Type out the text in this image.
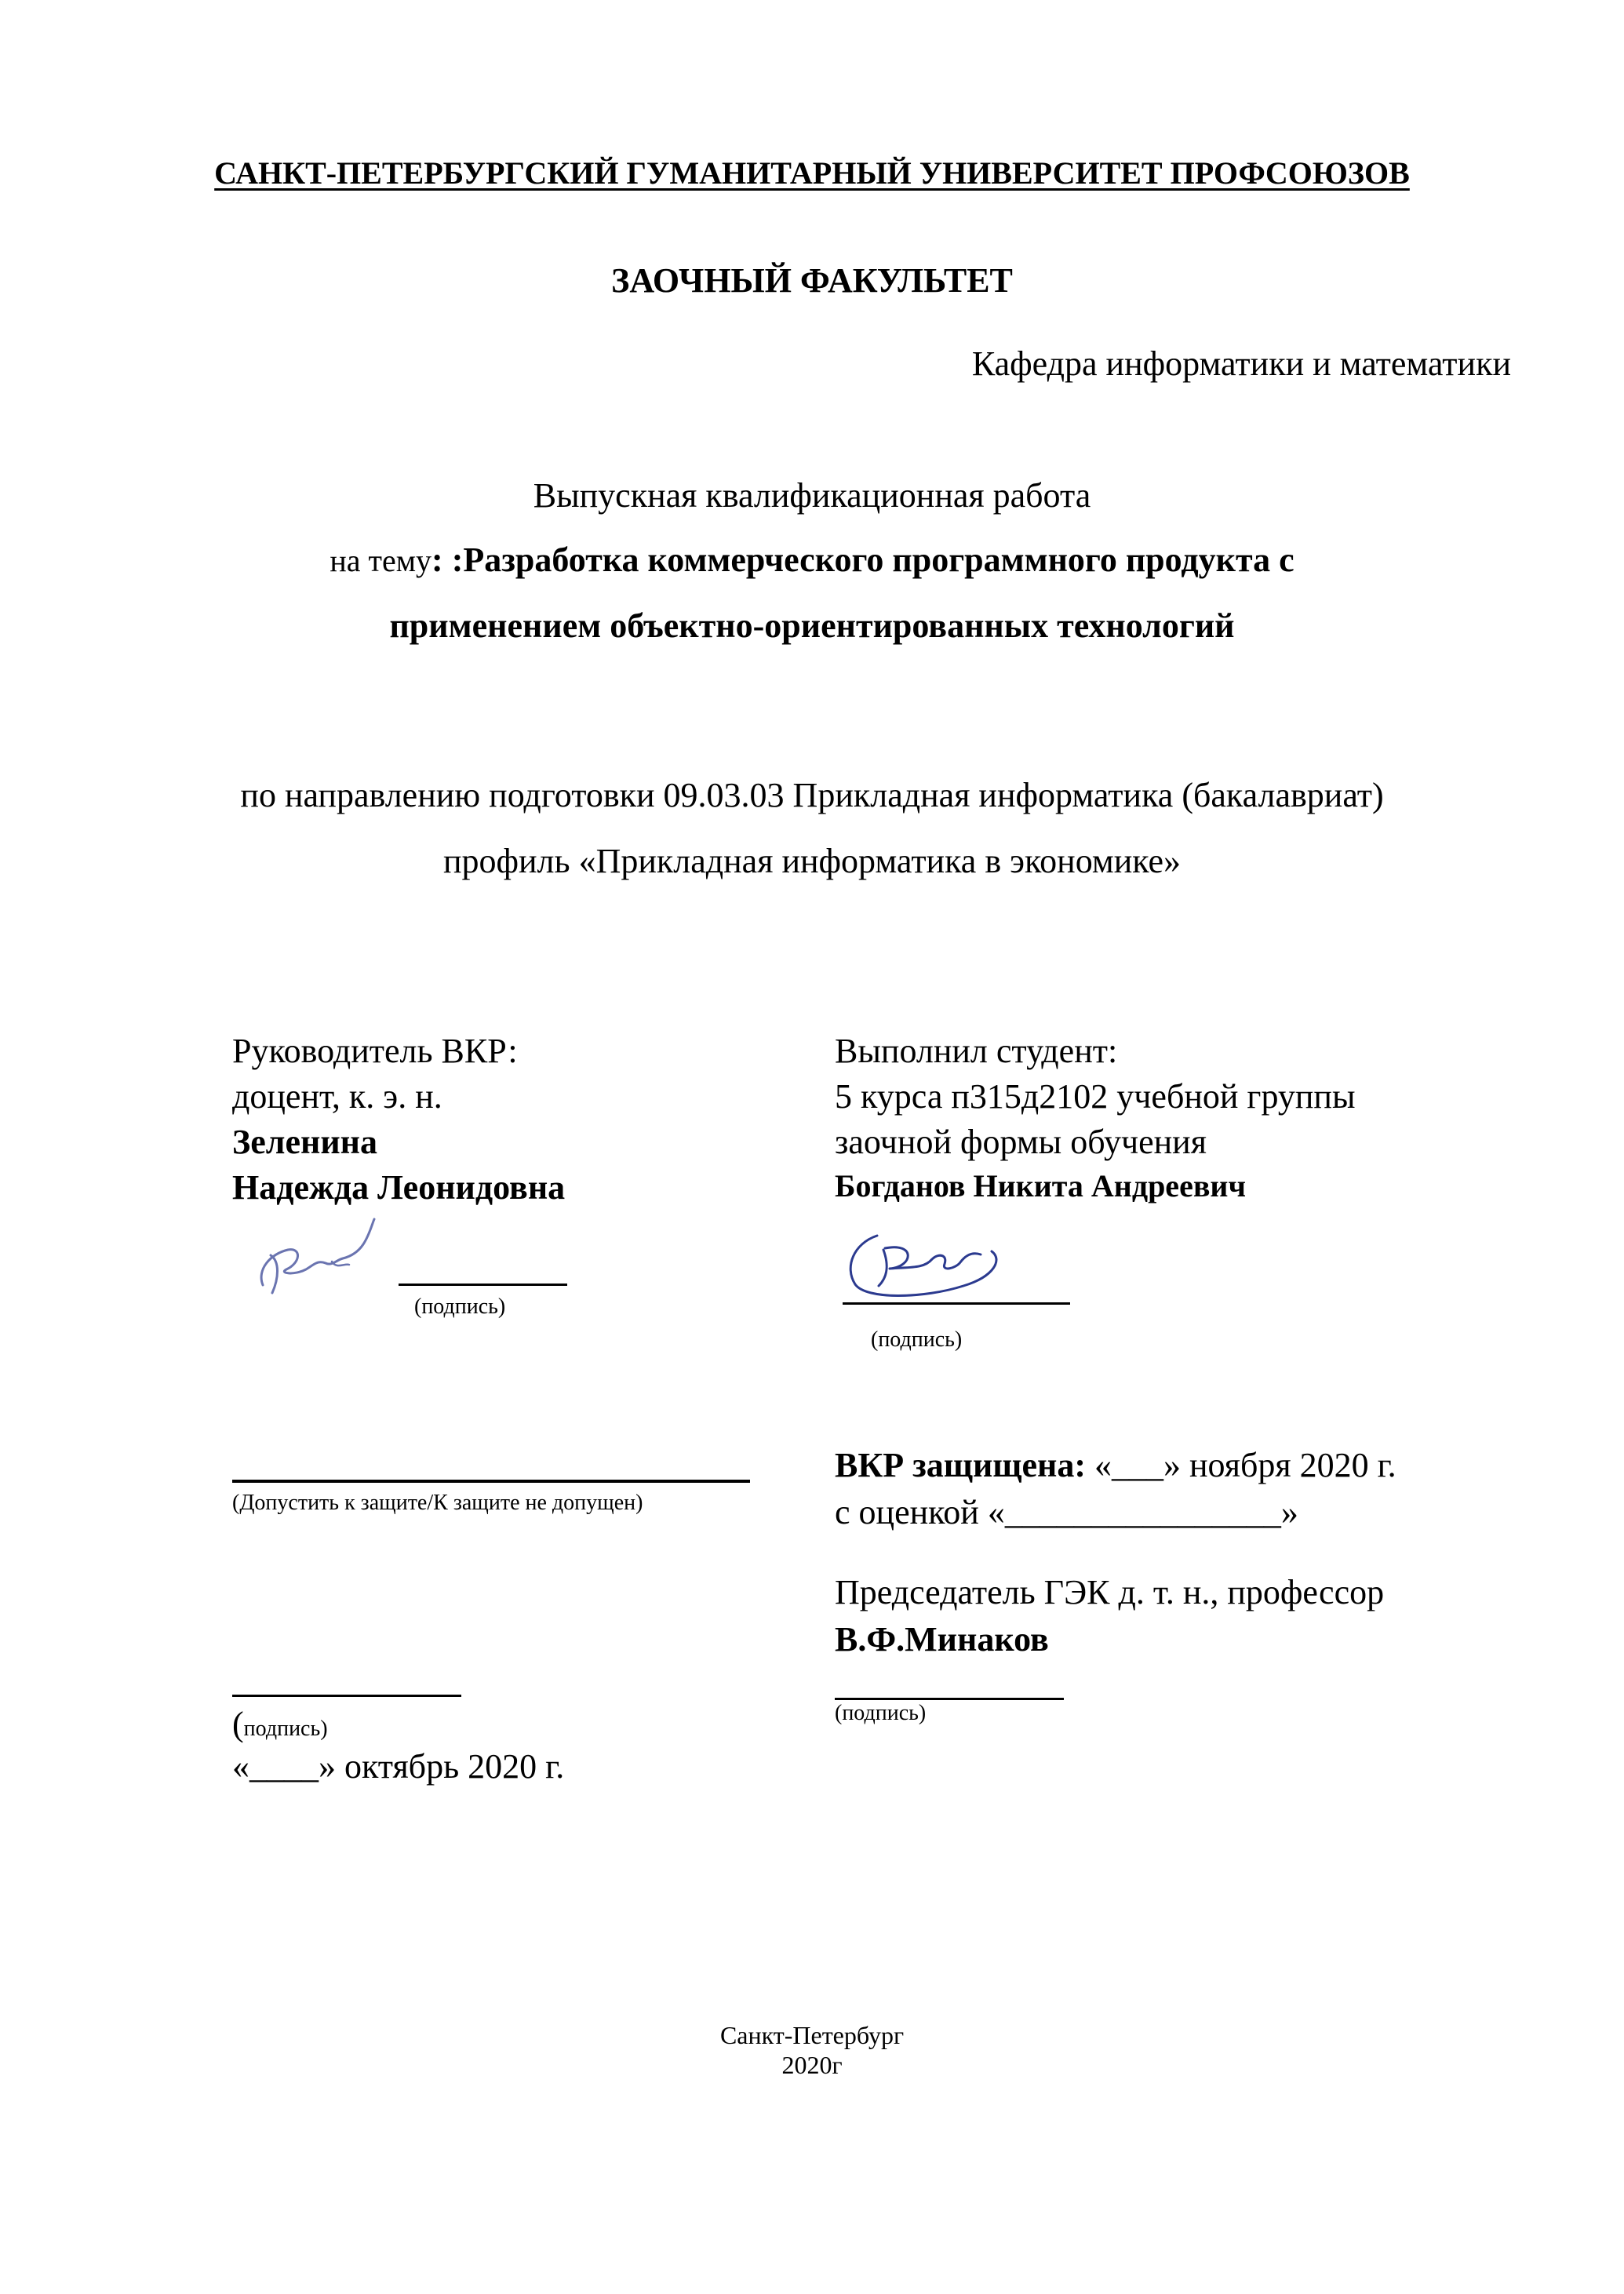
САНКТ-ПЕТЕРБУРГСКИЙ ГУМАНИТАРНЫЙ УНИВЕРСИТЕТ ПРОФСОЮЗОВ
ЗАОЧНЫЙ ФАКУЛЬТЕТ
Кафедра информатики и математики
Выпускная квалификационная работа
на тему: :Разработка коммерческого программного продукта с
применением объектно-ориентированных технологий
по направлению подготовки 09.03.03 Прикладная информатика (бакалавриат)
профиль «Прикладная информатика в экономике»
Руководитель ВКР:
доцент, к. э. н.
Зеленина
Надежда Леонидовна
(подпись)
Выполнил студент:
5 курса п315д2102 учебной группы
заочной формы обучения
Богданов Никита Андреевич
(подпись)
(Допустить к защите/К защите не допущен)
(подпись)
«____» октябрь 2020 г.
ВКР защищена: «___» ноября 2020 г.
с оценкой «________________»
Председатель ГЭК д. т. н., профессор
В.Ф.Минаков
(подпись)
Санкт-Петербург
2020г
